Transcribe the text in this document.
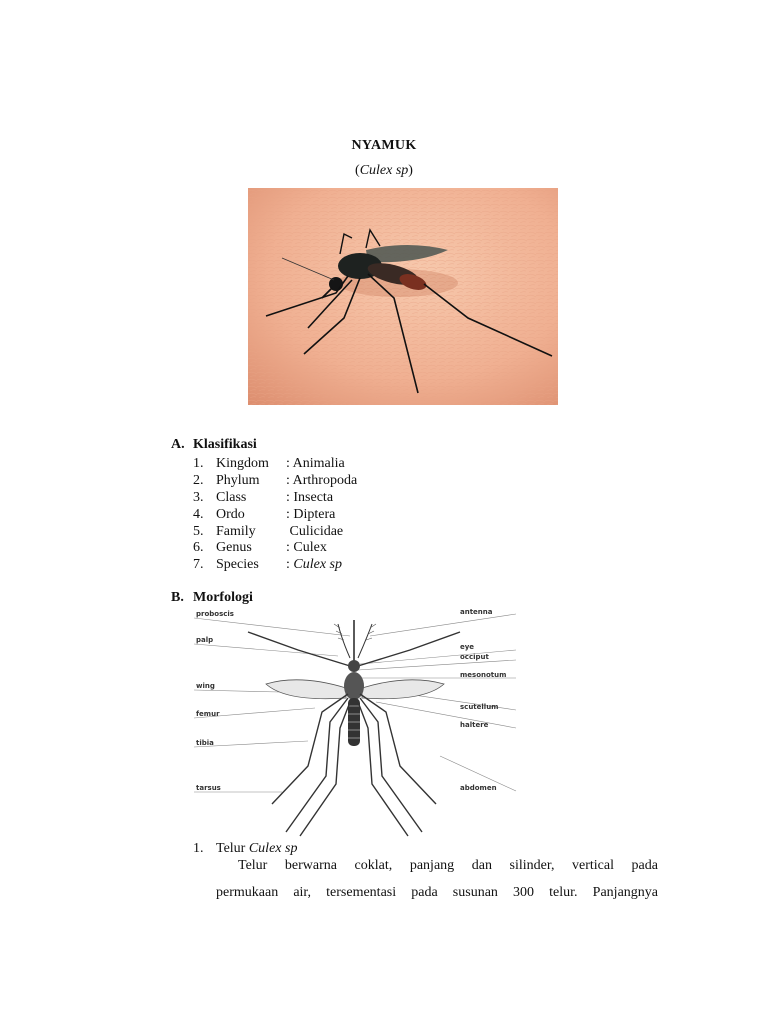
NYAMUK
(Culex sp)
A. Klasifikasi
1. Kingdom : Animalia
2. Phylum : Arthropoda
3. Class	: Insecta
4. Ordo	: Diptera
5. Family Culicidae
6. Genus : Culex
7. Species : Culex sp
B. Morfologi
proboscis
palp
wing
femur
tibia
tarsus
antenna
eye
occiput
mesonotum
scutellum
haltere
abdomen
1. Telur Culex sp
Telur berwarna coklat, panjang dan silinder, vertical pada
permukaan air, tersementasi pada susunan 300 telur. Panjangnya
